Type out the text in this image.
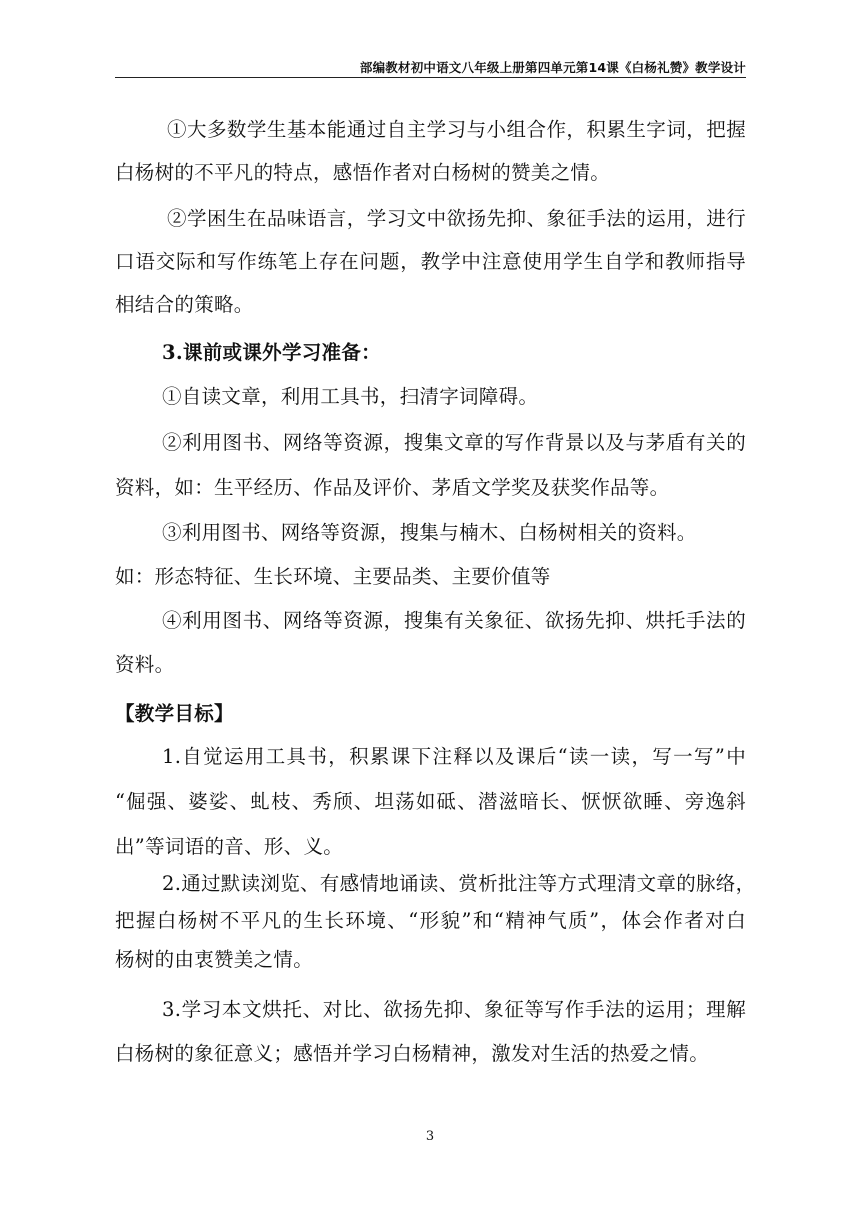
部编教材初中语文八年级上册第四单元第14课《白杨礼赞》教学设计
①大多数学生基本能通过自主学习与小组合作，积累生字词，把握
白杨树的不平凡的特点，感悟作者对白杨树的赞美之情。
②学困生在品味语言，学习文中欲扬先抑、象征手法的运用，进行
口语交际和写作练笔上存在问题，教学中注意使用学生自学和教师指导
相结合的策略。
3.课前或课外学习准备：
①自读文章，利用工具书，扫清字词障碍。
②利用图书、网络等资源，搜集文章的写作背景以及与茅盾有关的
资料，如：生平经历、作品及评价、茅盾文学奖及获奖作品等。
③利用图书、网络等资源，搜集与楠木、白杨树相关的资料。
如：形态特征、生长环境、主要品类、主要价值等
④利用图书、网络等资源，搜集有关象征、欲扬先抑、烘托手法的
资料。
【教学目标】
1.自觉运用工具书，积累课下注释以及课后“读一读，写一写”中
“倔强、婆娑、虬枝、秀颀、坦荡如砥、潜滋暗长、恹恹欲睡、旁逸斜
出”等词语的音、形、义。
2.通过默读浏览、有感情地诵读、赏析批注等方式理清文章的脉络，
把握白杨树不平凡的生长环境、“形貌”和“精神气质”，体会作者对白
杨树的由衷赞美之情。
3.学习本文烘托、对比、欲扬先抑、象征等写作手法的运用；理解
白杨树的象征意义；感悟并学习白杨精神，激发对生活的热爱之情。
3
